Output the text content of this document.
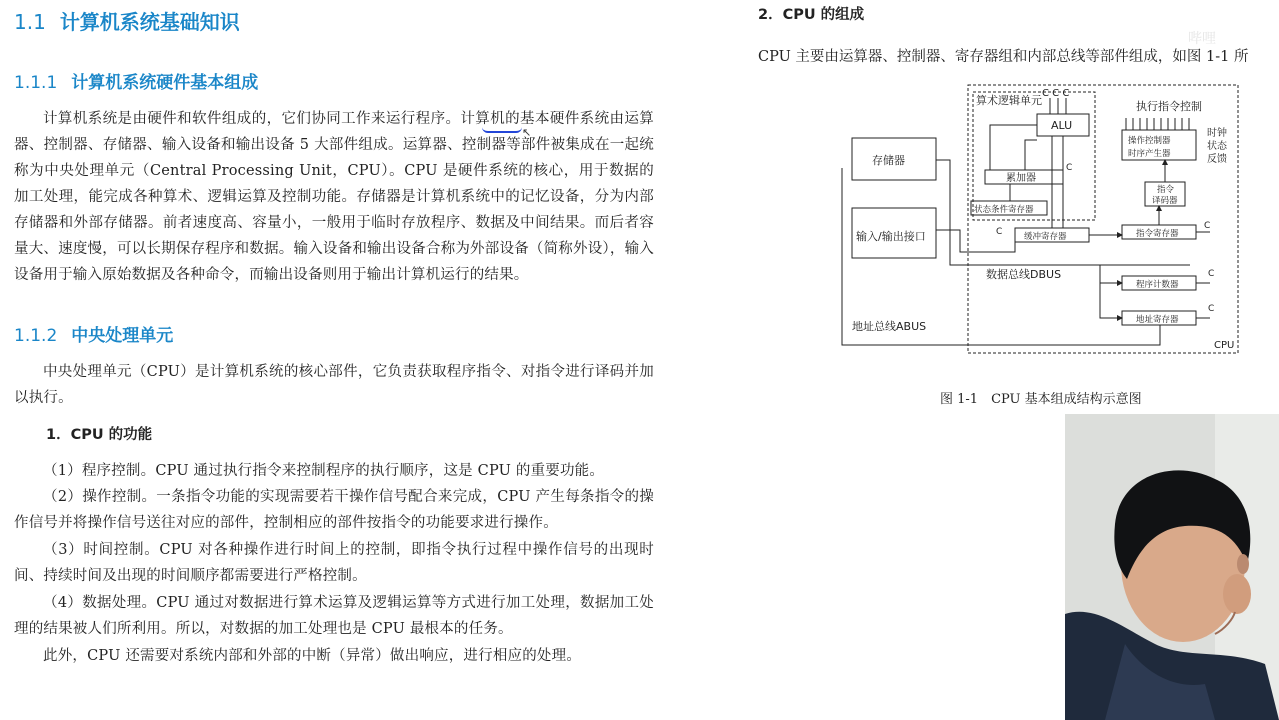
1.1 计算机系统基础知识
1.1.1 计算机系统硬件基本组成

计算机系统是由硬件和软件组成的，它们协同工作来运行程序。计算机的基本硬件系统由运算器、控制器、存储器、输入设备和输出设备 5 大部件组成。运算器、控制器等部件被集成在一起统称为中央处理单元（Central Processing Unit，CPU）。CPU 是硬件系统的核心，用于数据的加工处理，能完成各种算术、逻辑运算及控制功能。存储器是计算机系统中的记忆设备，分为内部存储器和外部存储器。前者速度高、容量小，一般用于临时存放程序、数据及中间结果。而后者容量大、速度慢，可以长期保存程序和数据。输入设备和输出设备合称为外部设备（简称外设），输入设备用于输入原始数据及各种命令，而输出设备则用于输出计算机运行的结果。

↖
1.1.2 中央处理单元

中央处理单元（CPU）是计算机系统的核心部件，它负责获取程序指令、对指令进行译码并加以执行。

1．CPU 的功能

（1）程序控制。CPU 通过执行指令来控制程序的执行顺序，这是 CPU 的重要功能。

（2）操作控制。一条指令功能的实现需要若干操作信号配合来完成，CPU 产生每条指令的操作信号并将操作信号送往对应的部件，控制相应的部件按指令的功能要求进行操作。

（3）时间控制。CPU 对各种操作进行时间上的控制，即指令执行过程中操作信号的出现时间、持续时间及出现的时间顺序都需要进行严格控制。

（4）数据处理。CPU 通过对数据进行算术运算及逻辑运算等方式进行加工处理，数据加工处理的结果被人们所利用。所以，对数据的加工处理也是 CPU 最根本的任务。

此外，CPU 还需要对系统内部和外部的中断（异常）做出响应，进行相应的处理。

2．CPU 的组成

CPU 主要由运算器、控制器、寄存器组和内部总线等部件组成，如图 1-1 所

算术逻辑单元
C C C
ALU
累加器
状态条件寄存器
存储器
输入/输出接口	缓冲寄存器	指令寄存器
指令
译码器
执行指令控制
操作控制器
时序产生器
时钟
状态
反馈
数据总线DBUS
程序计数器
地址寄存器
地址总线ABUS
CPU
C
C
C
C
C

图 1-1　CPU 基本组成结构示意图

哔哩
